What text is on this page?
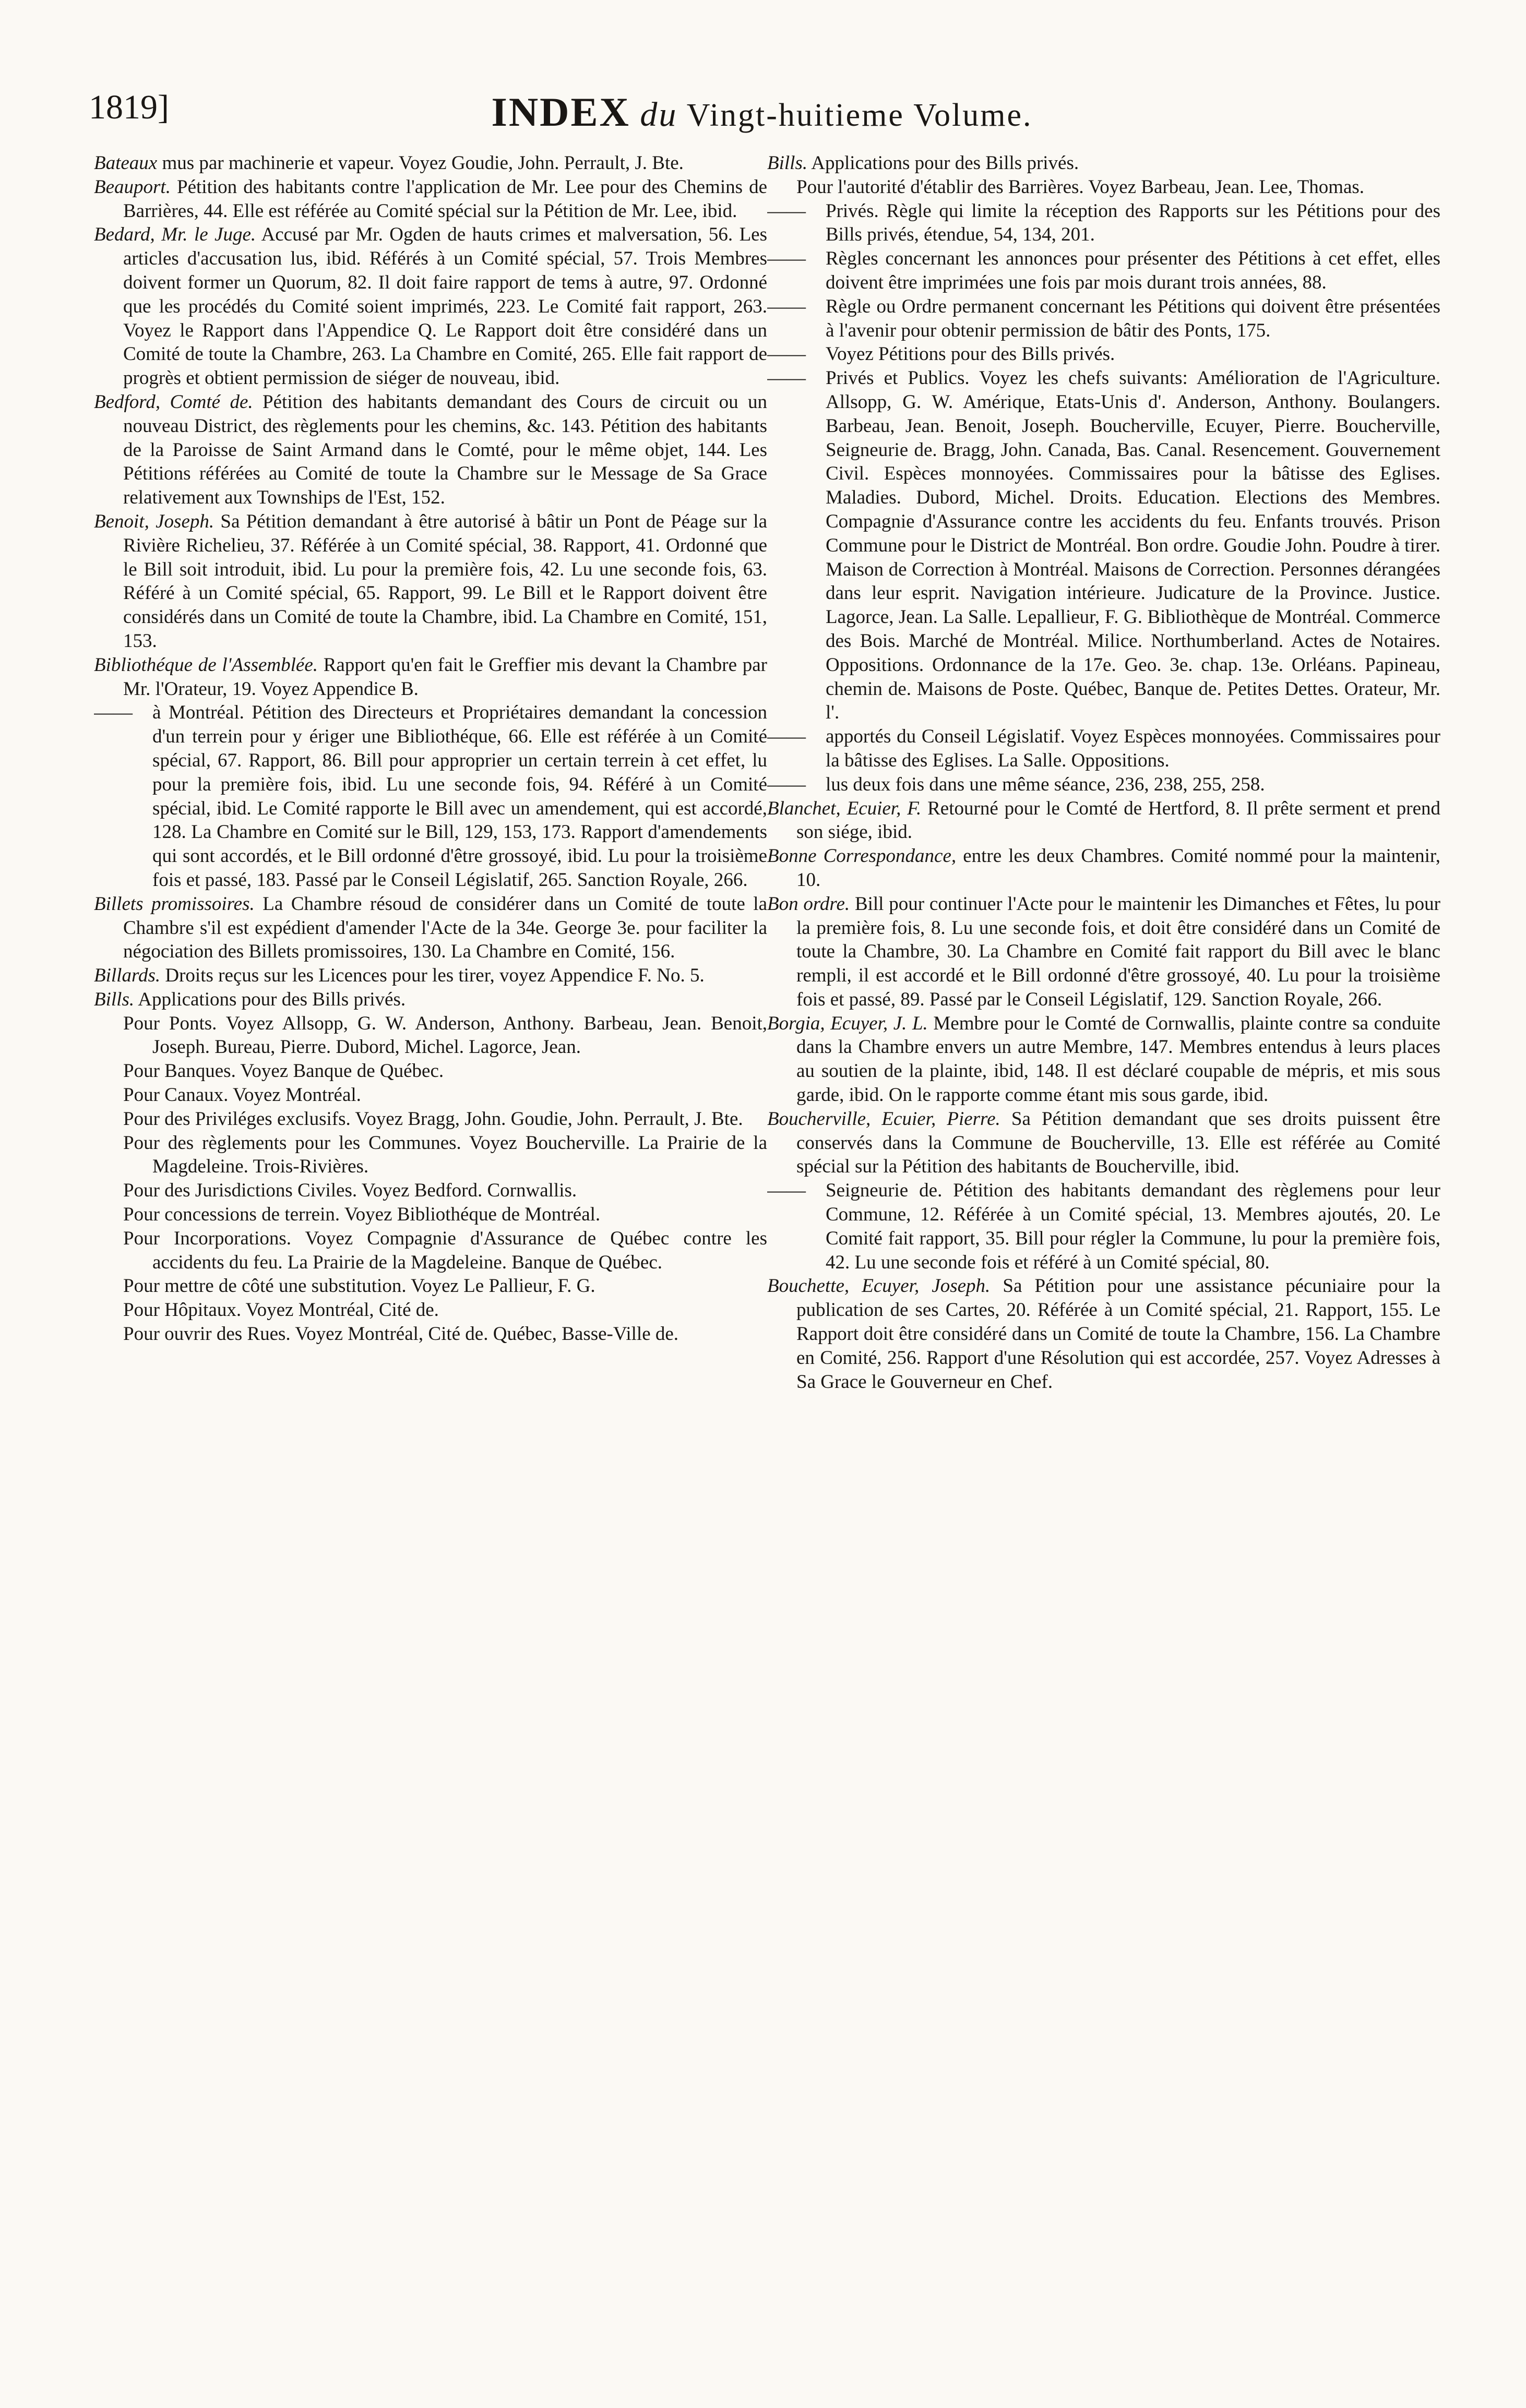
1819]	INDEX du Vingt-huitieme Volume.

Bateaux mus par machinerie et vapeur. Voyez Goudie, John. Perrault, J. Bte.

Beauport. Pétition des habitants contre l'application de Mr. Lee pour des Chemins de Barrières, 44. Elle est référée au Comité spécial sur la Pétition de Mr. Lee, ibid.

Bedard, Mr. le Juge. Accusé par Mr. Ogden de hauts crimes et malversation, 56. Les articles d'accusation lus, ibid. Référés à un Comité spécial, 57. Trois Membres doivent former un Quorum, 82. Il doit faire rapport de tems à autre, 97. Ordonné que les procédés du Comité soient imprimés, 223. Le Comité fait rapport, 263. Voyez le Rapport dans l'Appendice Q. Le Rapport doit être considéré dans un Comité de toute la Chambre, 263. La Chambre en Comité, 265. Elle fait rapport de progrès et obtient permission de siéger de nouveau, ibid.

Bedford, Comté de. Pétition des habitants demandant des Cours de circuit ou un nouveau District, des règlements pour les chemins, &c. 143. Pétition des habitants de la Paroisse de Saint Armand dans le Comté, pour le même objet, 144. Les Pétitions référées au Comité de toute la Chambre sur le Message de Sa Grace relativement aux Townships de l'Est, 152.

Benoit, Joseph. Sa Pétition demandant à être autorisé à bâtir un Pont de Péage sur la Rivière Richelieu, 37. Référée à un Comité spécial, 38. Rapport, 41. Ordonné que le Bill soit introduit, ibid. Lu pour la première fois, 42. Lu une seconde fois, 63. Référé à un Comité spécial, 65. Rapport, 99. Le Bill et le Rapport doivent être considérés dans un Comité de toute la Chambre, ibid. La Chambre en Comité, 151, 153.

Bibliothéque de l'Assemblée. Rapport qu'en fait le Greffier mis devant la Chambre par Mr. l'Orateur, 19. Voyez Appendice B.

——à Montréal. Pétition des Directeurs et Propriétaires demandant la concession d'un terrein pour y ériger une Bibliothéque, 66. Elle est référée à un Comité spécial, 67. Rapport, 86. Bill pour approprier un certain terrein à cet effet, lu pour la première fois, ibid. Lu une seconde fois, 94. Référé à un Comité spécial, ibid. Le Comité rapporte le Bill avec un amendement, qui est accordé, 128. La Chambre en Comité sur le Bill, 129, 153, 173. Rapport d'amendements qui sont accordés, et le Bill ordonné d'être grossoyé, ibid. Lu pour la troisième fois et passé, 183. Passé par le Conseil Législatif, 265. Sanction Royale, 266.

Billets promissoires. La Chambre résoud de considérer dans un Comité de toute la Chambre s'il est expédient d'amender l'Acte de la 34e. George 3e. pour faciliter la négociation des Billets promissoires, 130. La Chambre en Comité, 156.

Billards. Droits reçus sur les Licences pour les tirer, voyez Appendice F. No. 5.

Bills. Applications pour des Bills privés.

Pour Ponts. Voyez Allsopp, G. W. Anderson, Anthony. Barbeau, Jean. Benoit, Joseph. Bureau, Pierre. Dubord, Michel. Lagorce, Jean.

Pour Banques. Voyez Banque de Québec.

Pour Canaux. Voyez Montréal.

Pour des Priviléges exclusifs. Voyez Bragg, John. Goudie, John. Perrault, J. Bte.

Pour des règlements pour les Communes. Voyez Boucherville. La Prairie de la Magdeleine. Trois-Rivières.

Pour des Jurisdictions Civiles. Voyez Bedford. Cornwallis.

Pour concessions de terrein. Voyez Bibliothéque de Montréal.

Pour Incorporations. Voyez Compagnie d'Assurance de Québec contre les accidents du feu. La Prairie de la Magdeleine. Banque de Québec.

Pour mettre de côté une substitution. Voyez Le Pallieur, F. G.

Pour Hôpitaux. Voyez Montréal, Cité de.

Pour ouvrir des Rues. Voyez Montréal, Cité de. Québec, Basse-Ville de.

Bills. Applications pour des Bills privés.

Pour l'autorité d'établir des Barrières. Voyez Barbeau, Jean. Lee, Thomas.

——Privés. Règle qui limite la réception des Rapports sur les Pétitions pour des Bills privés, étendue, 54, 134, 201.

——Règles concernant les annonces pour présenter des Pétitions à cet effet, elles doivent être imprimées une fois par mois durant trois années, 88.

——Règle ou Ordre permanent concernant les Pétitions qui doivent être présentées à l'avenir pour obtenir permission de bâtir des Ponts, 175.

——Voyez Pétitions pour des Bills privés.

——Privés et Publics. Voyez les chefs suivants: Amélioration de l'Agriculture. Allsopp, G. W. Amérique, Etats-Unis d'. Anderson, Anthony. Boulangers. Barbeau, Jean. Benoit, Joseph. Boucherville, Ecuyer, Pierre. Boucherville, Seigneurie de. Bragg, John. Canada, Bas. Canal. Resencement. Gouvernement Civil. Espèces monnoyées. Commissaires pour la bâtisse des Eglises. Maladies. Dubord, Michel. Droits. Education. Elections des Membres. Compagnie d'Assurance contre les accidents du feu. Enfants trouvés. Prison Commune pour le District de Montréal. Bon ordre. Goudie John. Poudre à tirer. Maison de Correction à Montréal. Maisons de Correction. Personnes dérangées dans leur esprit. Navigation intérieure. Judicature de la Province. Justice. Lagorce, Jean. La Salle. Lepallieur, F. G. Bibliothèque de Montréal. Commerce des Bois. Marché de Montréal. Milice. Northumberland. Actes de Notaires. Oppositions. Ordonnance de la 17e. Geo. 3e. chap. 13e. Orléans. Papineau, chemin de. Maisons de Poste. Québec, Banque de. Petites Dettes. Orateur, Mr. l'.

——apportés du Conseil Législatif. Voyez Espèces monnoyées. Commissaires pour la bâtisse des Eglises. La Salle. Oppositions.

——lus deux fois dans une même séance, 236, 238, 255, 258.

Blanchet, Ecuier, F. Retourné pour le Comté de Hertford, 8. Il prête serment et prend son siége, ibid.

Bonne Correspondance, entre les deux Chambres. Comité nommé pour la maintenir, 10.

Bon ordre. Bill pour continuer l'Acte pour le maintenir les Dimanches et Fêtes, lu pour la première fois, 8. Lu une seconde fois, et doit être considéré dans un Comité de toute la Chambre, 30. La Chambre en Comité fait rapport du Bill avec le blanc rempli, il est accordé et le Bill ordonné d'être grossoyé, 40. Lu pour la troisième fois et passé, 89. Passé par le Conseil Législatif, 129. Sanction Royale, 266.

Borgia, Ecuyer, J. L. Membre pour le Comté de Cornwallis, plainte contre sa conduite dans la Chambre envers un autre Membre, 147. Membres entendus à leurs places au soutien de la plainte, ibid, 148. Il est déclaré coupable de mépris, et mis sous garde, ibid. On le rapporte comme étant mis sous garde, ibid.

Boucherville, Ecuier, Pierre. Sa Pétition demandant que ses droits puissent être conservés dans la Commune de Boucherville, 13. Elle est référée au Comité spécial sur la Pétition des habitants de Boucherville, ibid.

——Seigneurie de. Pétition des habitants demandant des règlemens pour leur Commune, 12. Référée à un Comité spécial, 13. Membres ajoutés, 20. Le Comité fait rapport, 35. Bill pour régler la Commune, lu pour la première fois, 42. Lu une seconde fois et référé à un Comité spécial, 80.

Bouchette, Ecuyer, Joseph. Sa Pétition pour une assistance pécuniaire pour la publication de ses Cartes, 20. Référée à un Comité spécial, 21. Rapport, 155. Le Rapport doit être considéré dans un Comité de toute la Chambre, 156. La Chambre en Comité, 256. Rapport d'une Résolution qui est accordée, 257. Voyez Adresses à Sa Grace le Gouverneur en Chef.
